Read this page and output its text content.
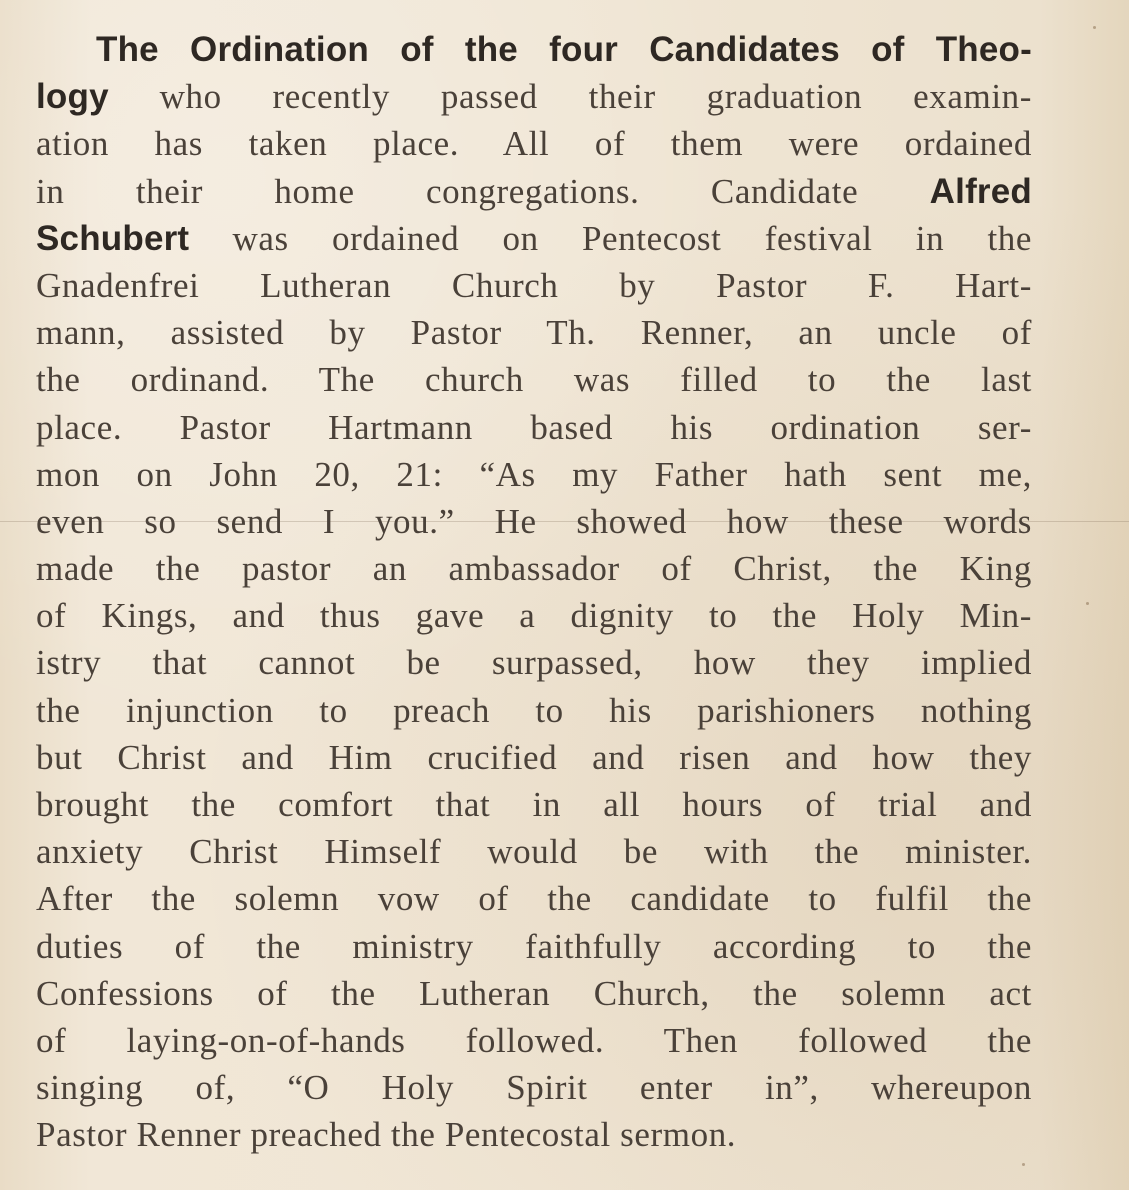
The Ordination of the four Candidates of Theo-
logy who recently passed their graduation examin-
ation has taken place. All of them were ordained
in their home congregations. Candidate Alfred
Schubert was ordained on Pentecost festival in the
Gnadenfrei Lutheran Church by Pastor F. Hart-
mann, assisted by Pastor Th. Renner, an uncle of
the ordinand. The church was filled to the last
place. Pastor Hartmann based his ordination ser-
mon on John 20, 21: “As my Father hath sent me,
even so send I you.” He showed how these words
made the pastor an ambassador of Christ, the King
of Kings, and thus gave a dignity to the Holy Min-
istry that cannot be surpassed, how they implied
the injunction to preach to his parishioners nothing
but Christ and Him crucified and risen and how they
brought the comfort that in all hours of trial and
anxiety Christ Himself would be with the minister.
After the solemn vow of the candidate to fulfil the
duties of the ministry faithfully according to the
Confessions of the Lutheran Church, the solemn act
of laying-on-of-hands followed. Then followed the
singing of, “O Holy Spirit enter in”, whereupon
Pastor Renner preached the Pentecostal sermon.
